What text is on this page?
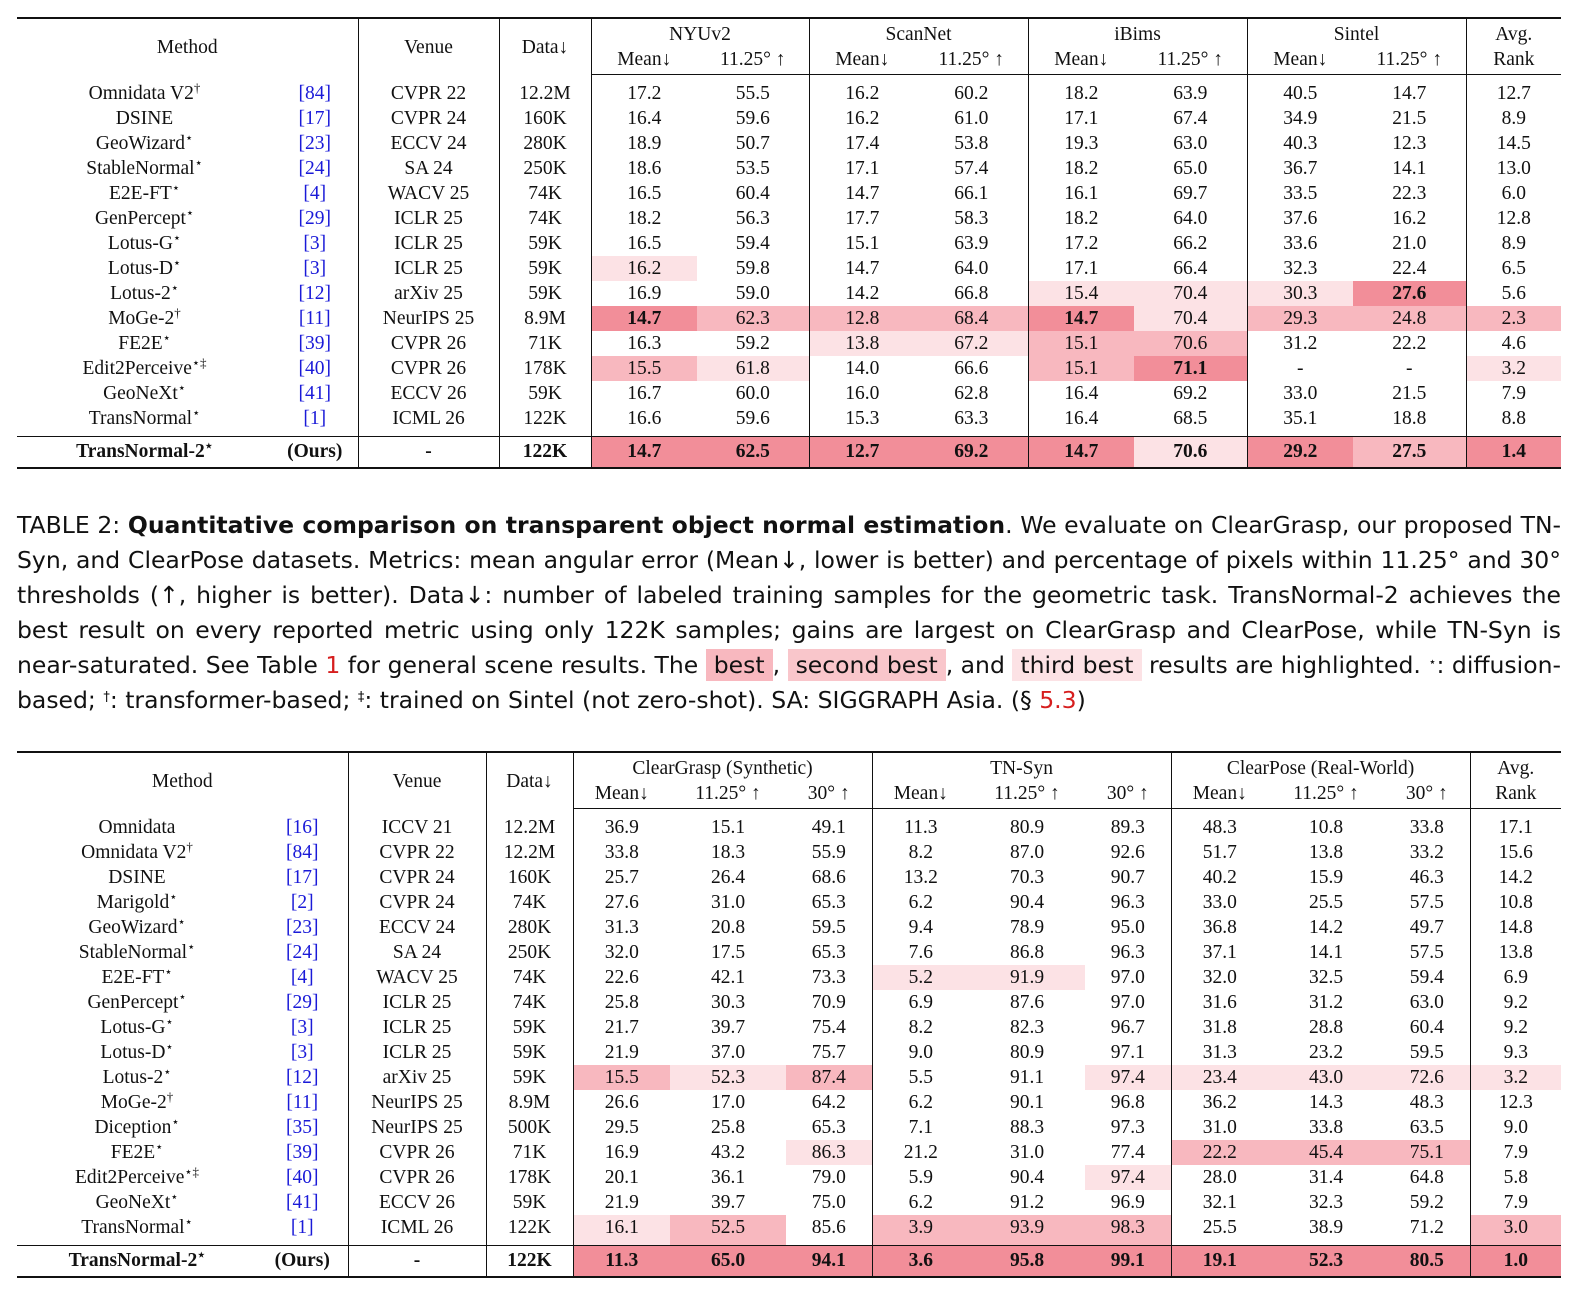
Method		Venue	Data↓	NYUv2		ScanNet		iBims		Sintel		Avg.
				Mean↓	11.25° ↑	Mean↓	11.25° ↑	Mean↓	11.25° ↑	Mean↓	11.25° ↑	Rank
Omnidata V2†	[84]	CVPR 22	12.2M	17.2	55.5	16.2	60.2	18.2	63.9	40.5	14.7	12.7
DSINE	[17]	CVPR 24	160K	16.4	59.6	16.2	61.0	17.1	67.4	34.9	21.5	8.9
GeoWizard⋆	[23]	ECCV 24	280K	18.9	50.7	17.4	53.8	19.3	63.0	40.3	12.3	14.5
StableNormal⋆	[24]	SA 24	250K	18.6	53.5	17.1	57.4	18.2	65.0	36.7	14.1	13.0
E2E-FT⋆	[4]	WACV 25	74K	16.5	60.4	14.7	66.1	16.1	69.7	33.5	22.3	6.0
GenPercept⋆	[29]	ICLR 25	74K	18.2	56.3	17.7	58.3	18.2	64.0	37.6	16.2	12.8
Lotus-G⋆	[3]	ICLR 25	59K	16.5	59.4	15.1	63.9	17.2	66.2	33.6	21.0	8.9
Lotus-D⋆	[3]	ICLR 25	59K	16.2	59.8	14.7	64.0	17.1	66.4	32.3	22.4	6.5
Lotus-2⋆	[12]	arXiv 25	59K	16.9	59.0	14.2	66.8	15.4	70.4	30.3	27.6	5.6
MoGe-2†	[11]	NeurIPS 25	8.9M	14.7	62.3	12.8	68.4	14.7	70.4	29.3	24.8	2.3
FE2E⋆	[39]	CVPR 26	71K	16.3	59.2	13.8	67.2	15.1	70.6	31.2	22.2	4.6
Edit2Perceive⋆‡	[40]	CVPR 26	178K	15.5	61.8	14.0	66.6	15.1	71.1	-	-	3.2
GeoNeXt⋆	[41]	ECCV 26	59K	16.7	60.0	16.0	62.8	16.4	69.2	33.0	21.5	7.9
TransNormal⋆	[1]	ICML 26	122K	16.6	59.6	15.3	63.3	16.4	68.5	35.1	18.8	8.8
TransNormal-2⋆	(Ours)	-	122K	14.7	62.5	12.7	69.2	14.7	70.6	29.2	27.5	1.4
TABLE 2: Quantitative comparison on transparent object normal estimation. We evaluate on ClearGrasp, our proposed TN-Syn, and ClearPose datasets. Metrics: mean angular error (Mean↓, lower is better) and percentage of pixels within 11.25° and 30° thresholds (↑, higher is better). Data↓: number of labeled training samples for the geometric task. TransNormal-2 achieves the best result on every reported metric using only 122K samples; gains are largest on ClearGrasp and ClearPose, while TN-Syn is near-saturated. See Table 1 for general scene results. The best , second best , and third best results are highlighted. ⋆: diffusion-based; †: transformer-based; ‡: trained on Sintel (not zero-shot). SA: SIGGRAPH Asia. (§ 5.3)
Method		Venue	Data↓	ClearGrasp (Synthetic)			TN-Syn			ClearPose (Real-World)			Avg.
				Mean↓	11.25° ↑	30° ↑	Mean↓	11.25° ↑	30° ↑	Mean↓	11.25° ↑	30° ↑	Rank
Omnidata	[16]	ICCV 21	12.2M	36.9	15.1	49.1	11.3	80.9	89.3	48.3	10.8	33.8	17.1
Omnidata V2†	[84]	CVPR 22	12.2M	33.8	18.3	55.9	8.2	87.0	92.6	51.7	13.8	33.2	15.6
DSINE	[17]	CVPR 24	160K	25.7	26.4	68.6	13.2	70.3	90.7	40.2	15.9	46.3	14.2
Marigold⋆	[2]	CVPR 24	74K	27.6	31.0	65.3	6.2	90.4	96.3	33.0	25.5	57.5	10.8
GeoWizard⋆	[23]	ECCV 24	280K	31.3	20.8	59.5	9.4	78.9	95.0	36.8	14.2	49.7	14.8
StableNormal⋆	[24]	SA 24	250K	32.0	17.5	65.3	7.6	86.8	96.3	37.1	14.1	57.5	13.8
E2E-FT⋆	[4]	WACV 25	74K	22.6	42.1	73.3	5.2	91.9	97.0	32.0	32.5	59.4	6.9
GenPercept⋆	[29]	ICLR 25	74K	25.8	30.3	70.9	6.9	87.6	97.0	31.6	31.2	63.0	9.2
Lotus-G⋆	[3]	ICLR 25	59K	21.7	39.7	75.4	8.2	82.3	96.7	31.8	28.8	60.4	9.2
Lotus-D⋆	[3]	ICLR 25	59K	21.9	37.0	75.7	9.0	80.9	97.1	31.3	23.2	59.5	9.3
Lotus-2⋆	[12]	arXiv 25	59K	15.5	52.3	87.4	5.5	91.1	97.4	23.4	43.0	72.6	3.2
MoGe-2†	[11]	NeurIPS 25	8.9M	26.6	17.0	64.2	6.2	90.1	96.8	36.2	14.3	48.3	12.3
Diception⋆	[35]	NeurIPS 25	500K	29.5	25.8	65.3	7.1	88.3	97.3	31.0	33.8	63.5	9.0
FE2E⋆	[39]	CVPR 26	71K	16.9	43.2	86.3	21.2	31.0	77.4	22.2	45.4	75.1	7.9
Edit2Perceive⋆‡	[40]	CVPR 26	178K	20.1	36.1	79.0	5.9	90.4	97.4	28.0	31.4	64.8	5.8
GeoNeXt⋆	[41]	ECCV 26	59K	21.9	39.7	75.0	6.2	91.2	96.9	32.1	32.3	59.2	7.9
TransNormal⋆	[1]	ICML 26	122K	16.1	52.5	85.6	3.9	93.9	98.3	25.5	38.9	71.2	3.0
TransNormal-2⋆	(Ours)	-	122K	11.3	65.0	94.1	3.6	95.8	99.1	19.1	52.3	80.5	1.0
